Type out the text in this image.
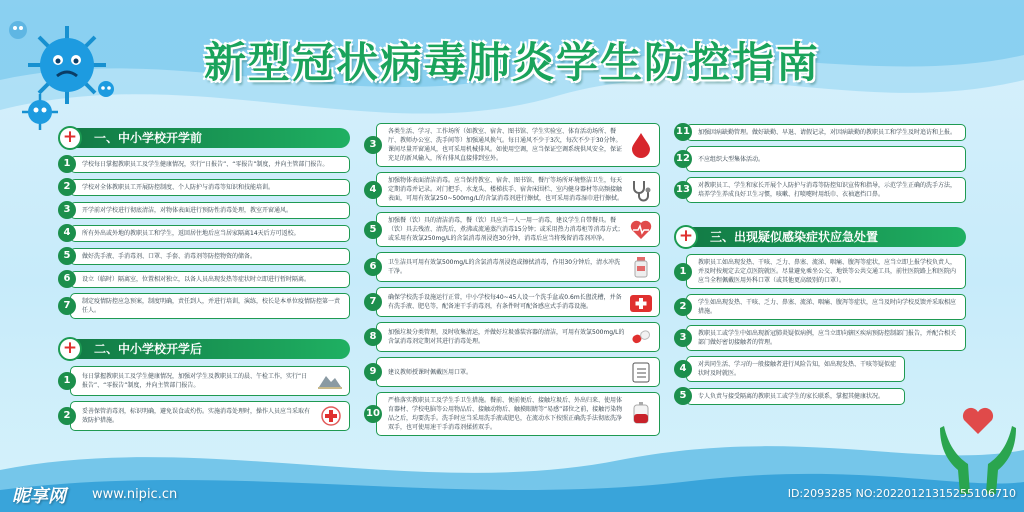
新型冠状病毒肺炎学生防控指南
一、中小学校开学前
+
1	学校每日掌握教职员工及学生健康情况，实行“日报告”、“零报告”制度，并向主管部门报告。
2	学校对全体教职员工开展防控制度、个人防护与消毒等知识和技能培训。
3	开学前对学校进行彻底清洁，对物体表面进行预防性消毒处理，教室开窗通风。
4	所有外出或外地的教职员工和学生，返回居住地后应当居家隔离14天后方可返校。
5	做好洗手液、手消毒剂、口罩、手套、消毒剂等防控物资的储备。
6	设立（临时）隔离室，位置相对独立，以备人员出现发热等症状时立即进行暂时隔离。
7	制定疫情防控应急预案，制度明确，责任到人，并进行培训，演练，校长是本单位疫情防控第一责任人。
二、中小学校开学后
+
1	每日掌握教职员工及学生健康情况，加强对学生及教职员工的晨、午检工作，实行“日报告”、“零报告”制度，并向主管部门报告。
2	妥善保管消毒剂，标识明确，避免误食或灼伤。实施消毒处理时，操作人员应当采取有效防护措施。
3
各类生活、学习、工作场所（如教室、宿舍、图书馆、学生实验室、体育活动场所、餐厅、教师办公室、洗手间等）加强通风换气。每日通风不少于3次，每次不少于30分钟。课间尽量开窗通风，也可采用机械排风。如使用空调，应当保证空调系统供风安全，保证充足的新风输入，所有排风直接排到室外。
4
加强物体表面清洁消毒。应当保持教室、宿舍、图书馆、餐厅等场所环境整洁卫生，每天定期消毒并记录。对门把手、水龙头、楼梯扶手、宿舍床围栏、室内健身器材等高频接触表面，可用有效氯250~500mg/L的含氯消毒剂进行擦拭，也可采用消毒湿巾进行擦拭。
5
加强餐（饮）具的清洁消毒，餐（饮）具应当一人一用一消毒，建议学生自带餐具。餐（饮）具去残渣、清洗后，煮沸或流通蒸汽消毒15分钟；或采用热力消毒柜等消毒方式；或采用有效氯250mg/L的含氯消毒剂浸泡30分钟，消毒后应当将残留消毒剂冲净。
6	卫生洁具可用有效氯500mg/L的含氯消毒剂浸泡或擦拭消毒，作用30分钟后，清水冲洗干净。
7	确保学校洗手设施运行正常，中小学校每40~45人设一个洗手盆或0.6m长盥洗槽，并备有洗手液、肥皂等，配备速干手消毒剂，有条件时可配备感应式手消毒设施。
8	加强垃圾分类管理，及时收集清运，并做好垃圾盛装容器的清洁，可用有效氯500mg/L的含氯消毒剂定期对其进行消毒处理。
9	建议教师授课时佩戴医用口罩。
10
严格落实教职员工及学生手卫生措施。餐前、便前便后、接触垃圾后、外出归来、使用体育器材、学校电脑等公用物品后、接触动物后、触摸眼睛等“易感”部位之前，接触污染物品之后，均要洗手。洗手时应当采用洗手液或肥皂，在流动水下按照正确洗手法彻底洗净双手，也可使用速干手消毒剂揉搓双手。
11	加强因病缺勤管理。做好缺勤、早退、请假记录，对因病缺勤的教职员工和学生及时追访和上报。
12	不应组织大型集体活动。
13	对教职员工、学生和家长开展个人防护与消毒等防控知识宣传和指导，示范学生正确的洗手方法，培养学生养成良好卫生习惯，咳嗽、打喷嚏时用纸巾、衣袖遮挡口鼻。
三、出现疑似感染症状应急处置
+
1
教职员工如出现发热、干咳、乏力、鼻塞、流涕、咽痛、腹泻等症状，应当立即上报学校负责人，并及时按规定去定点医院就医。尽量避免乘坐公交、地铁等公共交通工具，前往医院路上和医院内应当全程佩戴医用外科口罩（或其他更高级别的口罩）。
2	学生如出现发热、干咳、乏力、鼻塞、流涕、咽痛、腹泻等症状，应当及时向学校反馈并采取相应措施。
3	教职员工或学生中如出现新冠肺炎疑似病例，应当立即向辖区疾病预防控制部门报告，并配合相关部门做好密切接触者的管理。
4	对共同生活、学习的一般接触者进行风险告知，如出现发热、干咳等疑似症状时及时就医。
5	专人负责与接受隔离的教职员工或学生的家长联系，掌握其健康状况。
昵享网 www.nipic.cn	ID:2093285 NO:20220121315255106710
